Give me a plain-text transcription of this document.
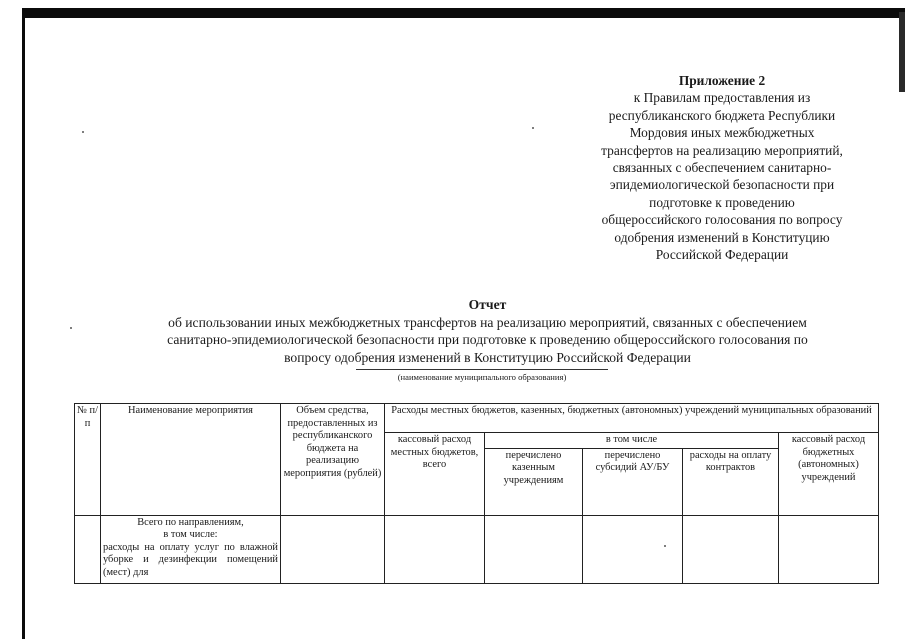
Приложение 2
к Правилам предоставления из
республиканского бюджета Республики
Мордовия иных межбюджетных
трансфертов на реализацию мероприятий,
связанных с обеспечением санитарно-
эпидемиологической безопасности при
подготовке к проведению
общероссийского голосования по вопросу
одобрения изменений в Конституцию
Российской Федерации
Отчет
об использовании иных межбюджетных трансфертов на реализацию мероприятий, связанных с обеспечением
санитарно-эпидемиологической безопасности при подготовке к проведению общероссийского голосования по
вопросу одобрения изменений в Конституцию Российской Федерации
(наименование муниципального образования)
№ п/п	Наименование мероприятия	Объем средства, предоставленных из республиканского бюджета на реализацию мероприятия (рублей)	Расходы местных бюджетов, казенных, бюджетных (автономных) учреждений муниципальных образований				
			кассовый расход местных бюджетов, всего	в том числе			кассовый расход бюджетных (автономных) учреждений
				перечислено казенным учреждениям	перечислено субсидий АУ/БУ	расходы на оплату контрактов	

	Всего по направлениям,
в том числе:
расходы на оплату услуг по влажной уборке и дезинфекции помещений (мест) для						
